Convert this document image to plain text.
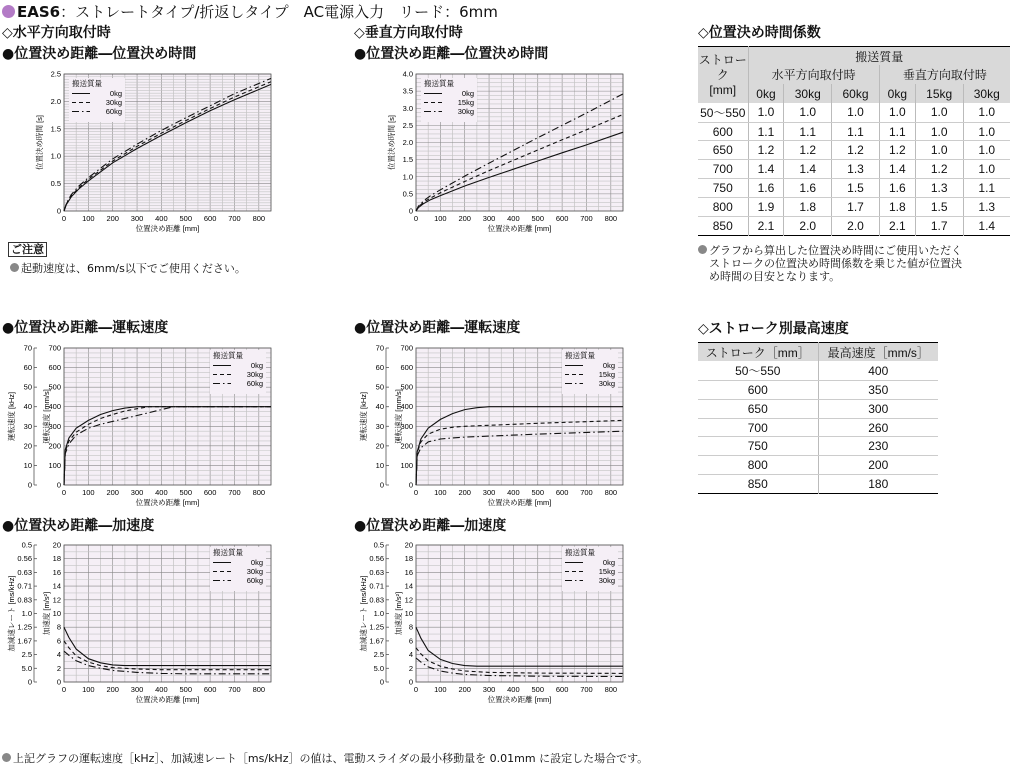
EAS6：ストレートタイプ/折返しタイプ　AC電源入力　リード：6mm
◇水平方向取付時	◇垂直方向取付時	◇位置決め時間係数
◇ストローク別最高速度
●位置決め距離―位置決め時間	●位置決め距離―位置決め時間
●位置決め距離―運転速度	●位置決め距離―運転速度
●位置決め距離―加速度	●位置決め距離―加速度
ご注意
起動速度は、6mm/s以下でご使用ください。
0 100 200 300 400 500 600 700 800
0
0.5
1.0
1.5
2.0
2.5
位置決め距離 [mm]
位置決め時間 [s]
搬送質量
0kg
30kg
60kg
0 100 200 300 400 500 600 700 800
0
0.5
1.0
1.5
2.0
2.5
3.0
3.5
4.0
位置決め距離 [mm]
位置決め時間 [s]
搬送質量
0kg
15kg
30kg
0 100 200 300 400 500 600 700 800
0
100
200
300
400
500
600
700
0
10
20
30
40
50
60
70
位置決め距離 [mm]
運転速度 [mm/s]
運転速度 [kHz]
搬送質量
0kg
30kg
60kg
0 100 200 300 400 500 600 700 800
0
100
200
300
400
500
600
700
0
10
20
30
40
50
60
70
位置決め距離 [mm]
運転速度 [mm/s]
運転速度 [kHz]
搬送質量
0kg
15kg
30kg
0 100 200 300 400 500 600 700 800
0
2
4
6
8
10
12
14
16
18
20
0
5.0
2.5
1.67
1.25
1.0
0.83
0.71
0.63
0.56
0.5
位置決め距離 [mm]
加速度 [m/s²]
加減速レート [ms/kHz]
搬送質量
0kg
30kg
60kg
0 100 200 300 400 500 600 700 800
0
2
4
6
8
10
12
14
16
18
20
0
5.0
2.5
1.67
1.25
1.0
0.83
0.71
0.63
0.56
0.5
位置決め距離 [mm]
加速度 [m/s²]
加減速レート [ms/kHz]
搬送質量
0kg
15kg
30kg
ストローク
[mm]	搬送質量					
	水平方向取付時			垂直方向取付時		
	0kg	30kg	60kg	0kg	15kg	30kg
50～550	1.0	1.0	1.0	1.0	1.0	1.0
600	1.1	1.1	1.1	1.1	1.0	1.0
650	1.2	1.2	1.2	1.2	1.0	1.0
700	1.4	1.4	1.3	1.4	1.2	1.0
750	1.6	1.6	1.5	1.6	1.3	1.1
800	1.9	1.8	1.7	1.8	1.5	1.3
850	2.1	2.0	2.0	2.1	1.7	1.4
グラフから算出した位置決め時間にご使用いただく
ストロークの位置決め時間係数を乗じた値が位置決
め時間の目安となります。
ストローク［mm］	最高速度［mm/s］
50～550	400
600	350
650	300
700	260
750	230
800	200
850	180
上記グラフの運転速度［kHz］、加減速レート［ms/kHz］の値は、電動スライダの最小移動量を 0.01mm に設定した場合です。
